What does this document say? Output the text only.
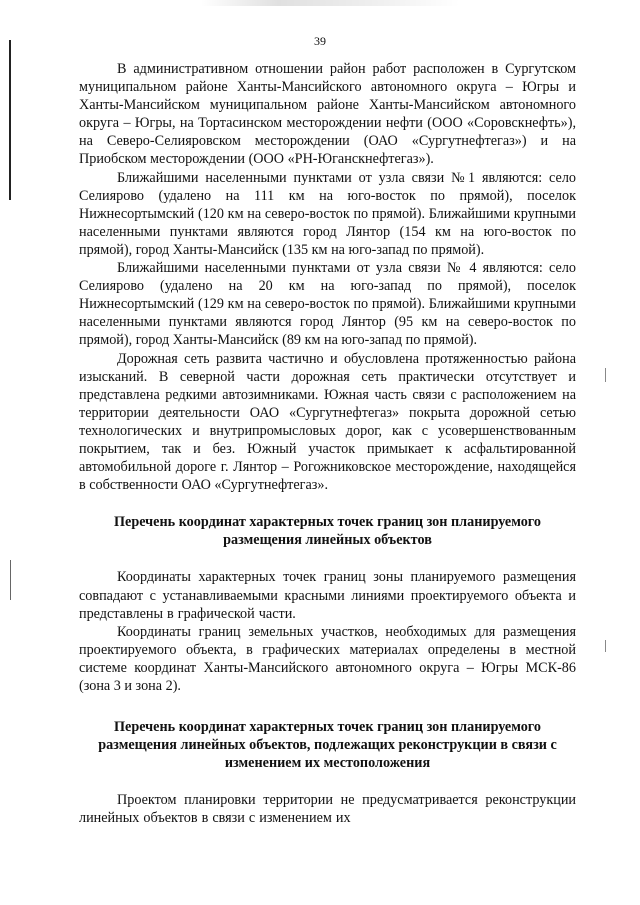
39

В административном отношении район работ расположен в Сургутском муниципальном районе Ханты-Мансийского автономного округа – Югры и Ханты-Мансийском муниципальном районе Ханты-Мансийском автономного округа – Югры, на Тортасинском месторождении нефти (ООО «Соровскнефть»), на Северо-Селияровском месторождении (ОАО «Сургутнефтегаз») и на Приобском месторождении (ООО «РН-Юганскнефтегаз»).

Ближайшими населенными пунктами от узла связи №1 являются: село Селиярово (удалено на 111 км на юго-восток по прямой), поселок Нижнесортымский (120 км на северо-восток по прямой). Ближайшими крупными населенными пунктами являются город Лянтор (154 км на юго-восток по прямой), город Ханты-Мансийск (135 км на юго-запад по прямой).

Ближайшими населенными пунктами от узла связи № 4 являются: село Селиярово (удалено на 20 км на юго-запад по прямой), поселок Нижнесортымский (129 км на северо-восток по прямой). Ближайшими крупными населенными пунктами являются город Лянтор (95 км на северо-восток по прямой), город Ханты-Мансийск (89 км на юго-запад по прямой).

Дорожная сеть развита частично и обусловлена протяженностью района изысканий. В северной части дорожная сеть практически отсутствует и представлена редкими автозимниками. Южная часть связи с расположением на территории деятельности ОАО «Сургутнефтегаз» покрыта дорожной сетью технологических и внутрипромысловых дорог, как с усовершенствованным покрытием, так и без. Южный участок примыкает к асфальтированной автомобильной дороге г. Лянтор – Рогожниковское месторождение, находящейся в собственности ОАО «Сургутнефтегаз».

Перечень координат характерных точек границ зон планируемого размещения линейных объектов

Координаты характерных точек границ зоны планируемого размещения совпадают с устанавливаемыми красными линиями проектируемого объекта и представлены в графической части.

Координаты границ земельных участков, необходимых для размещения проектируемого объекта, в графических материалах определены в местной системе координат Ханты-Мансийского автономного округа – Югры МСК-86 (зона 3 и зона 2).

Перечень координат характерных точек границ зон планируемого размещения линейных объектов, подлежащих реконструкции в связи с изменением их местоположения

Проектом планировки территории не предусматривается реконструкции линейных объектов в связи с изменением их
